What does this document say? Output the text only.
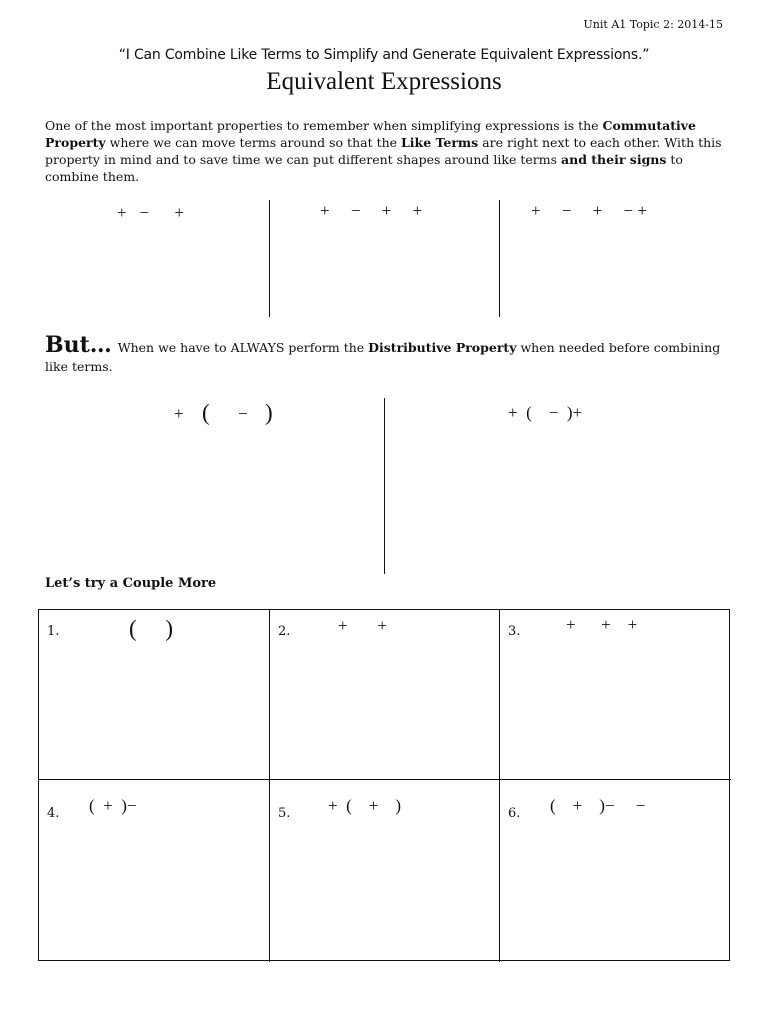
Unit A1 Topic 2: 2014-15
“I Can Combine Like Terms to Simplify and Generate Equivalent Expressions.”
Equivalent Expressions
One of the most important properties to remember when simplifying expressions is the Commutative Property where we can move terms around so that the Like Terms are right next to each other. With this property in mind and to save time we can put different shapes around like terms and their signs to combine them.
+   −      +	+     −     +     +	+     −     +     − +
But… When we have to ALWAYS perform the Distributive Property when needed before combining like terms.
+ ( − )	+  (    −  )+
Let’s try a Couple More
1.	(     )	2.	+       +	3.	+      +    +
4. (  +  )−	5. +  (    +    )	6. (    +    )−     −
